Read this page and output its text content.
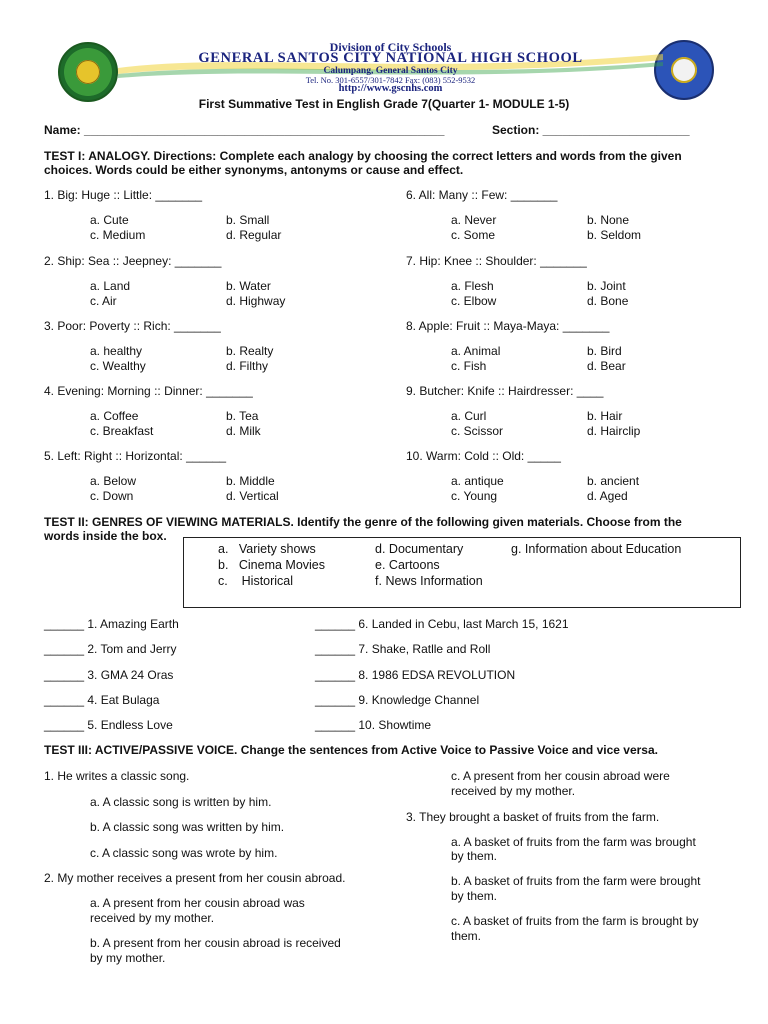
Division of City Schools
GENERAL SANTOS CITY NATIONAL HIGH SCHOOL
Calumpang, General Santos City
Tel. No. 301-6557/301-7842 Fax: (083) 552-9532
http://www.gscnhs.com
First Summative Test in English Grade 7(Quarter 1- MODULE 1-5)
Name: ______________________________________________________	Section: ______________________
TEST I: ANALOGY. Directions: Complete each analogy by choosing the correct letters and words from the given
choices. Words could be either synonyms, antonyms or cause and effect.
1. Big: Huge :: Little: _______
a. Cute	b. Small
c. Medium	d. Regular
2. Ship: Sea :: Jeepney: _______
a. Land	b. Water
c. Air	d. Highway
3. Poor: Poverty :: Rich: _______
a. healthy	b. Realty
c. Wealthy	d. Filthy
4. Evening: Morning :: Dinner: _______
a. Coffee	b. Tea
c. Breakfast	d. Milk
5. Left: Right :: Horizontal: ______
a. Below	b. Middle
c. Down	d. Vertical
6. All: Many :: Few: _______
a. Never	b. None
c. Some	b. Seldom
7. Hip: Knee :: Shoulder: _______
a. Flesh	b. Joint
c. Elbow	d. Bone
8. Apple: Fruit :: Maya-Maya: _______
a. Animal	b. Bird
c. Fish	d. Bear
9. Butcher: Knife :: Hairdresser: ____
a. Curl	b. Hair
c. Scissor	d. Hairclip
10. Warm: Cold :: Old: _____
a. antique	b. ancient
c. Young	d. Aged
TEST II: GENRES OF VIEWING MATERIALS. Identify the genre of the following given materials. Choose from the
words inside the box.
a. Variety shows
b. Cinema Movies
c. Historical
d. Documentary
e. Cartoons
f. News Information
g. Information about Education
______ 1. Amazing Earth
______ 2. Tom and Jerry
______ 3. GMA 24 Oras
______ 4. Eat Bulaga
______ 5. Endless Love
______ 6. Landed in Cebu, last March 15, 1621
______ 7. Shake, Ratlle and Roll
______ 8. 1986 EDSA REVOLUTION
______ 9. Knowledge Channel
______ 10. Showtime
TEST III: ACTIVE/PASSIVE VOICE. Change the sentences from Active Voice to Passive Voice and vice versa.
1. He writes a classic song.
a. A classic song is written by him.
b. A classic song was written by him.
c. A classic song was wrote by him.
2. My mother receives a present from her cousin abroad.
a. A present from her cousin abroad was
received by my mother.
b. A present from her cousin abroad is received
by my mother.
c. A present from her cousin abroad were
received by my mother.
3. They brought a basket of fruits from the farm.
a. A basket of fruits from the farm was brought
by them.
b. A basket of fruits from the farm were brought
by them.
c. A basket of fruits from the farm is brought by
them.
